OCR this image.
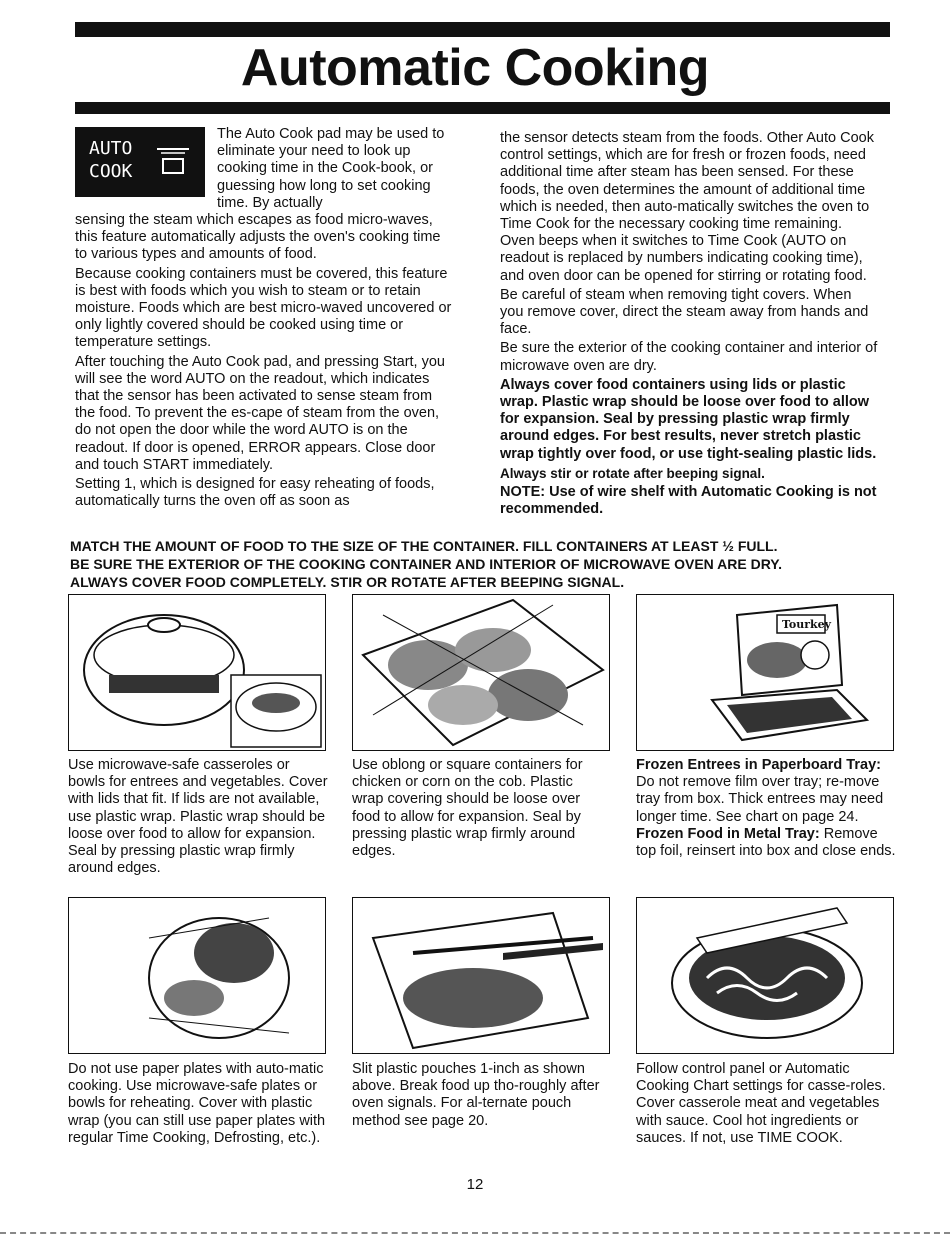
Automatic Cooking
AUTO
COOK

The Auto Cook pad may be used to eliminate your need to look up cooking time in the Cook-book, or guessing how long to set cooking time. By actually

sensing the steam which escapes as food micro-waves, this feature automatically adjusts the oven's cooking time to various types and amounts of food.

Because cooking containers must be covered, this feature is best with foods which you wish to steam or to retain moisture. Foods which are best micro-waved uncovered or only lightly covered should be cooked using time or temperature settings.

After touching the Auto Cook pad, and pressing Start, you will see the word AUTO on the readout, which indicates that the sensor has been activated to sense steam from the food. To prevent the es-cape of steam from the oven, do not open the door while the word AUTO is on the readout. If door is opened, ERROR appears. Close door and touch START immediately.

Setting 1, which is designed for easy reheating of foods, automatically turns the oven off as soon as

the sensor detects steam from the foods. Other Auto Cook control settings, which are for fresh or frozen foods, need additional time after steam has been sensed. For these foods, the oven determines the amount of additional time which is needed, then auto-matically switches the oven to Time Cook for the necessary cooking time remaining. Oven beeps when it switches to Time Cook (AUTO on readout is replaced by numbers indicating cooking time), and oven door can be opened for stirring or rotating food.

Be careful of steam when removing tight covers. When you remove cover, direct the steam away from hands and face.

Be sure the exterior of the cooking container and interior of microwave oven are dry.

Always cover food containers using lids or plastic wrap. Plastic wrap should be loose over food to allow for expansion. Seal by pressing plastic wrap firmly around edges. For best results, never stretch plastic wrap tightly over food, or use tight-sealing plastic lids.

Always stir or rotate after beeping signal.

NOTE: Use of wire shelf with Automatic Cooking is not recommended.

MATCH THE AMOUNT OF FOOD TO THE SIZE OF THE CONTAINER. FILL CONTAINERS AT LEAST ½ FULL.
BE SURE THE EXTERIOR OF THE COOKING CONTAINER AND INTERIOR OF MICROWAVE OVEN ARE DRY.
ALWAYS COVER FOOD COMPLETELY. STIR OR ROTATE AFTER BEEPING SIGNAL.
Tourkey
Use microwave-safe casseroles or bowls for entrees and vegetables. Cover with lids that fit. If lids are not available, use plastic wrap. Plastic wrap should be loose over food to allow for expansion. Seal by pressing plastic wrap firmly around edges.
Use oblong or square containers for chicken or corn on the cob. Plastic wrap covering should be loose over food to allow for expansion. Seal by pressing plastic wrap firmly around edges.
Frozen Entrees in Paperboard Tray: Do not remove film over tray; re-move tray from box. Thick entrees may need longer time. See chart on page 24. Frozen Food in Metal Tray: Remove top foil, reinsert into box and close ends.
Do not use paper plates with auto-matic cooking. Use microwave-safe plates or bowls for reheating. Cover with plastic wrap (you can still use paper plates with regular Time Cooking, Defrosting, etc.).
Slit plastic pouches 1-inch as shown above. Break food up tho-roughly after oven signals. For al-ternate pouch method see page 20.
Follow control panel or Automatic Cooking Chart settings for casse-roles. Cover casserole meat and vegetables with sauce. Cool hot ingredients or sauces. If not, use TIME COOK.
12
